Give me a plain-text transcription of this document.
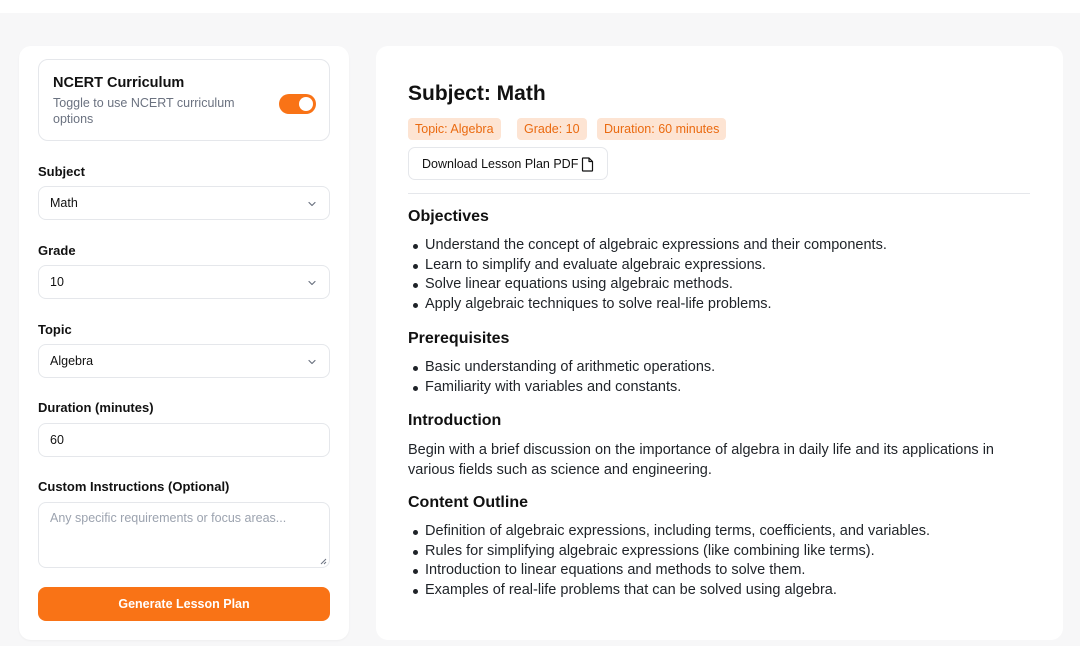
NCERT Curriculum
Toggle to use NCERT curriculum options
Subject
Math
Grade
10
Topic
Algebra
Duration (minutes)
60
Custom Instructions (Optional)
Any specific requirements or focus areas...
Generate Lesson Plan
Subject: Math
Topic: Algebra	Grade: 10	Duration: 60 minutes
Download Lesson Plan PDF
Objectives
Understand the concept of algebraic expressions and their components.
Learn to simplify and evaluate algebraic expressions.
Solve linear equations using algebraic methods.
Apply algebraic techniques to solve real-life problems.
Prerequisites
Basic understanding of arithmetic operations.
Familiarity with variables and constants.
Introduction
Begin with a brief discussion on the importance of algebra in daily life and its applications in various fields such as science and engineering.
Content Outline
Definition of algebraic expressions, including terms, coefficients, and variables.
Rules for simplifying algebraic expressions (like combining like terms).
Introduction to linear equations and methods to solve them.
Examples of real-life problems that can be solved using algebra.
